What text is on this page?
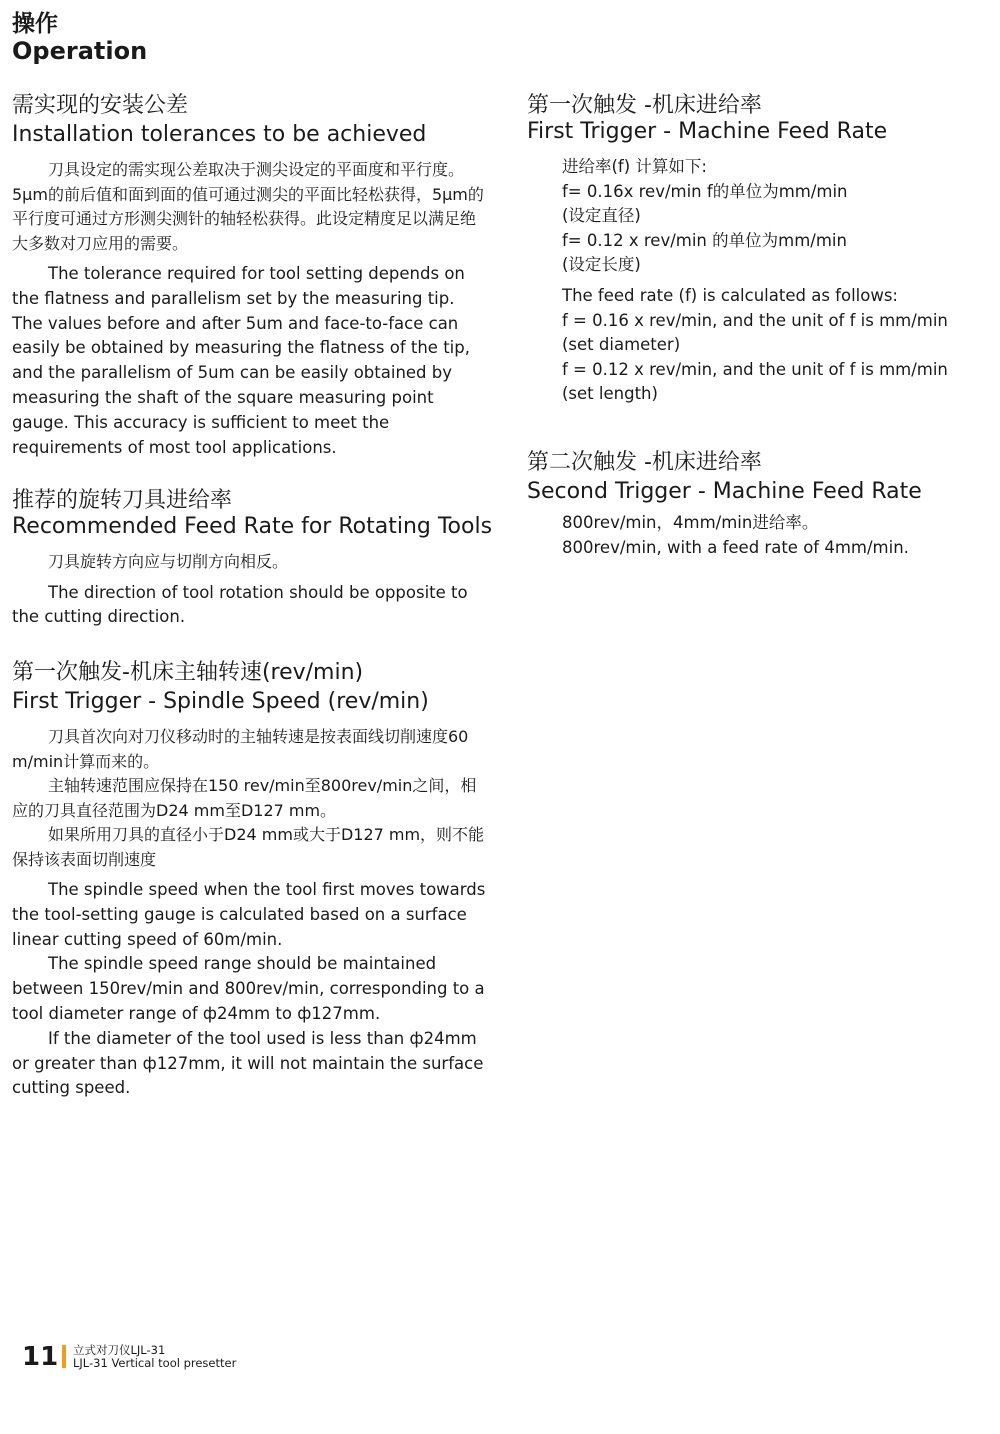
操作
Operation
需实现的安装公差
Installation tolerances to be achieved

刀具设定的需实现公差取决于测尖设定的平面度和平行度。5μm的前后值和面到面的值可通过测尖的平面比轻松获得，5μm的平行度可通过方形测尖测针的轴轻松获得。此设定精度足以满足绝大多数对刀应用的需要。

The tolerance required for tool setting depends on the flatness and parallelism set by the measuring tip. The values before and after 5um and face-to-face can easily be obtained by measuring the flatness of the tip, and the parallelism of 5um can be easily obtained by measuring the shaft of the square measuring point gauge. This accuracy is sufficient to meet the requirements of most tool applications.

推荐的旋转刀具进给率
Recommended Feed Rate for Rotating Tools

刀具旋转方向应与切削方向相反。

The direction of tool rotation should be opposite to the cutting direction.

第一次触发-机床主轴转速(rev/min)
First Trigger - Spindle Speed (rev/min)

刀具首次向对刀仪移动时的主轴转速是按表面线切削速度60 m/min计算而来的。

主轴转速范围应保持在150 rev/min至800rev/min之间，相应的刀具直径范围为D24 mm至D127 mm。

如果所用刀具的直径小于D24 mm或大于D127 mm，则不能保持该表面切削速度

The spindle speed when the tool first moves towards the tool-setting gauge is calculated based on a surface linear cutting speed of 60m/min.

The spindle speed range should be maintained between 150rev/min and 800rev/min, corresponding to a tool diameter range of ф24mm to ф127mm.

If the diameter of the tool used is less than ф24mm or greater than ф127mm, it will not maintain the surface cutting speed.

第一次触发 -机床进给率
First Trigger - Machine Feed Rate
进给率(f) 计算如下:
f= 0.16x rev/min f的单位为mm/min
(设定直径)
f= 0.12 x rev/min 的单位为mm/min
(设定长度)
The feed rate (f) is calculated as follows:
f = 0.16 x rev/min, and the unit of f is mm/min
(set diameter)
f = 0.12 x rev/min, and the unit of f is mm/min
(set length)
第二次触发 -机床进给率
Second Trigger - Machine Feed Rate
800rev/min，4mm/min进给率。
800rev/min, with a feed rate of 4mm/min.
11 立式对刀仪LJL-31
LJL-31 Vertical tool presetter
